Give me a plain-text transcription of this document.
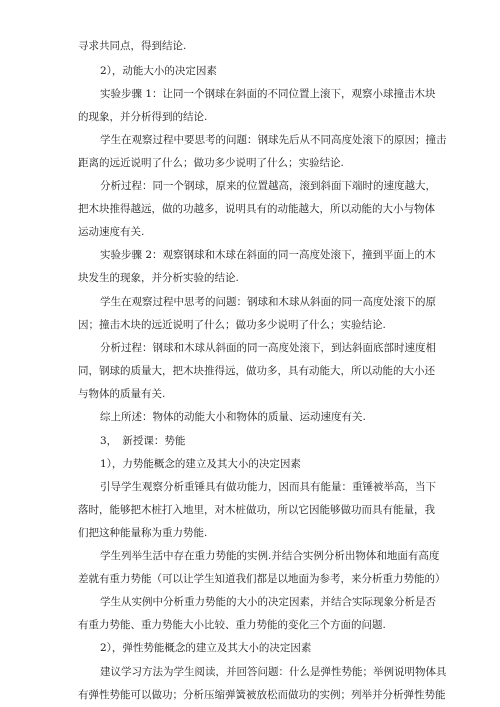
寻求共同点，得到结论.
2），动能大小的决定因素
实验步骤 1：让同一个钢球在斜面的不同位置上滚下，观察小球撞击木块
的现象，并分析得到的结论.
学生在观察过程中要思考的问题：钢球先后从不同高度处滚下的原因；撞击
距离的远近说明了什么；做功多少说明了什么；实验结论.
分析过程：同一个钢球，原来的位置越高，滚到斜面下端时的速度越大，
把木块推得越远，做的功越多，说明具有的动能越大，所以动能的大小与物体
运动速度有关.
实验步骤 2：观察钢球和木球在斜面的同一高度处滚下，撞到平面上的木
块发生的现象，并分析实验的结论.
学生在观察过程中思考的问题：钢球和木球从斜面的同一高度处滚下的原
因；撞击木块的远近说明了什么；做功多少说明了什么；实验结论.
分析过程：钢球和木球从斜面的同一高度处滚下，到达斜面底部时速度相
同，钢球的质量大，把木块推得远，做功多，具有动能大，所以动能的大小还
与物体的质量有关.
综上所述：物体的动能大小和物体的质量、运动速度有关.
3，　新授课：势能
1），力势能概念的建立及其大小的决定因素
引导学生观察分析重锤具有做功能力，因而具有能量：重锤被举高，当下
落时，能够把木桩打入地里，对木桩做功，所以它因能够做功而具有能量，我
们把这种能量称为重力势能.
学生列举生活中存在重力势能的实例.并结合实例分析出物体和地面有高度
差就有重力势能（可以让学生知道我们都是以地面为参考，来分析重力势能的）
学生从实例中分析重力势能的大小的决定因素，并结合实际现象分析是否
有重力势能、重力势能大小比较、重力势能的变化三个方面的问题.
2），弹性势能概念的建立及其大小的决定因素
建议学习方法为学生阅读，并回答问题：什么是弹性势能；举例说明物体具
有弹性势能可以做功；分析压缩弹簧被放松而做功的实例；列举并分析弹性势能
